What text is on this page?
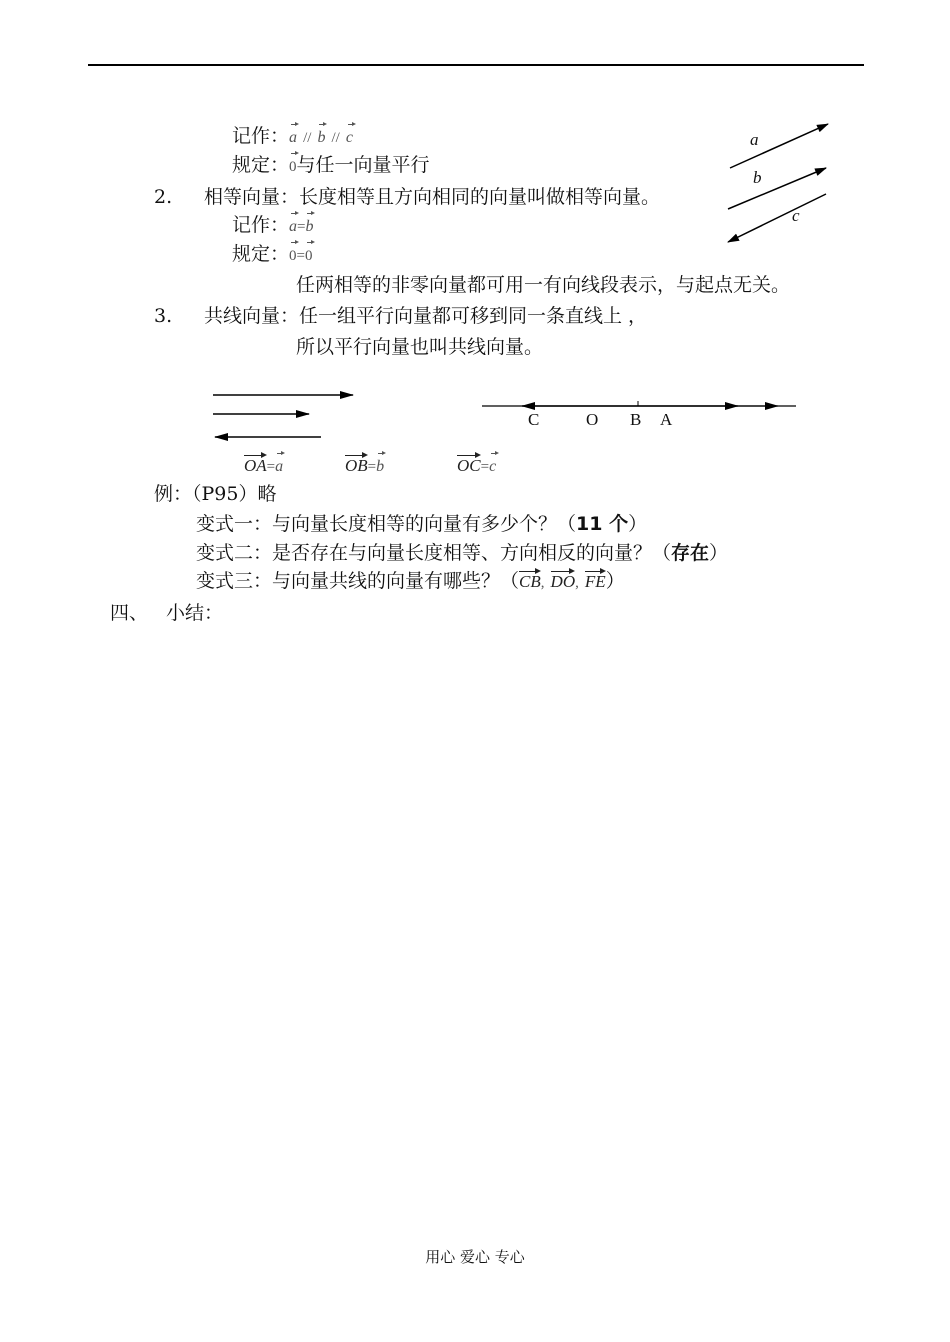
记作：a // b // c
规定：0与任一向量平行
2. 相等向量：长度相等且方向相同的向量叫做相等向量。
记作：a=b
规定：0=0
任两相等的非零向量都可用一有向线段表示，与起点无关。
3. 共线向量：任一组平行向量都可移到同一条直线上 ，
所以平行向量也叫共线向量。
a
b
c
C	O B A
OA=a	OB=b	OC=c
例：（P95）略
变式一：与向量长度相等的向量有多少个？（11 个）
变式二：是否存在与向量长度相等、方向相反的向量？（存在）
变式三：与向量共线的向量有哪些？（CB, DO, FE）
四、 小结：
用心 爱心 专心
